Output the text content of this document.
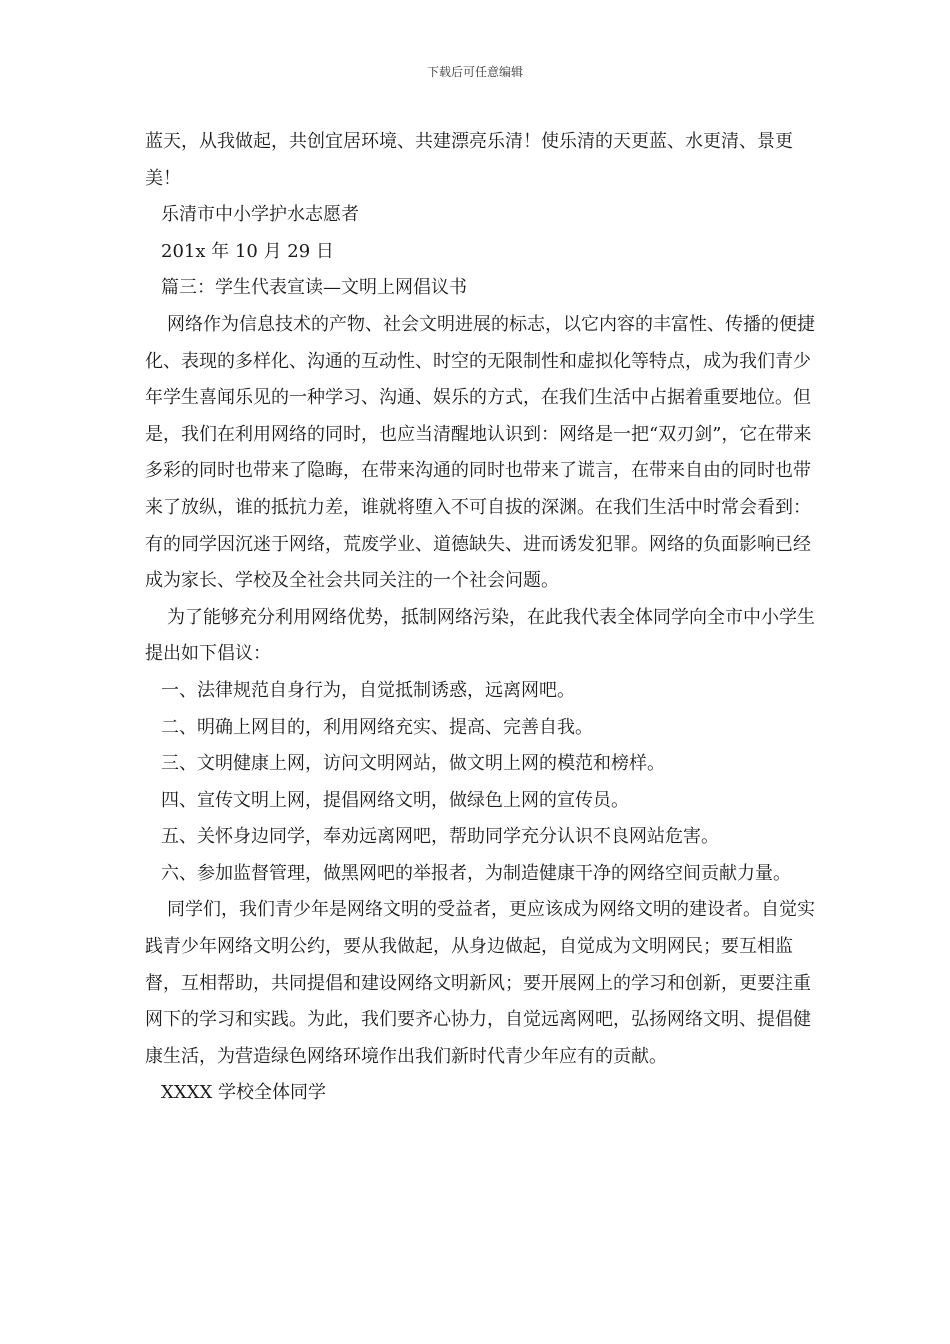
下载后可任意编辑

蓝天，从我做起，共创宜居环境、共建漂亮乐清！使乐清的天更蓝、水更清、景更美！

乐清市中小学护水志愿者

201x 年 10 月 29 日

篇三：学生代表宣读—文明上网倡议书

网络作为信息技术的产物、社会文明进展的标志，以它内容的丰富性、传播的便捷化、表现的多样化、沟通的互动性、时空的无限制性和虚拟化等特点，成为我们青少年学生喜闻乐见的一种学习、沟通、娱乐的方式，在我们生活中占据着重要地位。但是，我们在利用网络的同时，也应当清醒地认识到：网络是一把“双刃剑”，它在带来多彩的同时也带来了隐晦，在带来沟通的同时也带来了谎言，在带来自由的同时也带来了放纵，谁的抵抗力差，谁就将堕入不可自拔的深渊。在我们生活中时常会看到：有的同学因沉迷于网络，荒废学业、道德缺失、进而诱发犯罪。网络的负面影响已经成为家长、学校及全社会共同关注的一个社会问题。

为了能够充分利用网络优势，抵制网络污染，在此我代表全体同学向全市中小学生提出如下倡议：

一、法律规范自身行为，自觉抵制诱惑，远离网吧。

二、明确上网目的，利用网络充实、提高、完善自我。

三、文明健康上网，访问文明网站，做文明上网的模范和榜样。

四、宣传文明上网，提倡网络文明，做绿色上网的宣传员。

五、关怀身边同学，奉劝远离网吧，帮助同学充分认识不良网站危害。

六、参加监督管理，做黑网吧的举报者，为制造健康干净的网络空间贡献力量。

同学们，我们青少年是网络文明的受益者，更应该成为网络文明的建设者。自觉实践青少年网络文明公约，要从我做起，从身边做起，自觉成为文明网民；要互相监督，互相帮助，共同提倡和建设网络文明新风；要开展网上的学习和创新，更要注重网下的学习和实践。为此，我们要齐心协力，自觉远离网吧，弘扬网络文明、提倡健康生活，为营造绿色网络环境作出我们新时代青少年应有的贡献。

XXXX 学校全体同学
